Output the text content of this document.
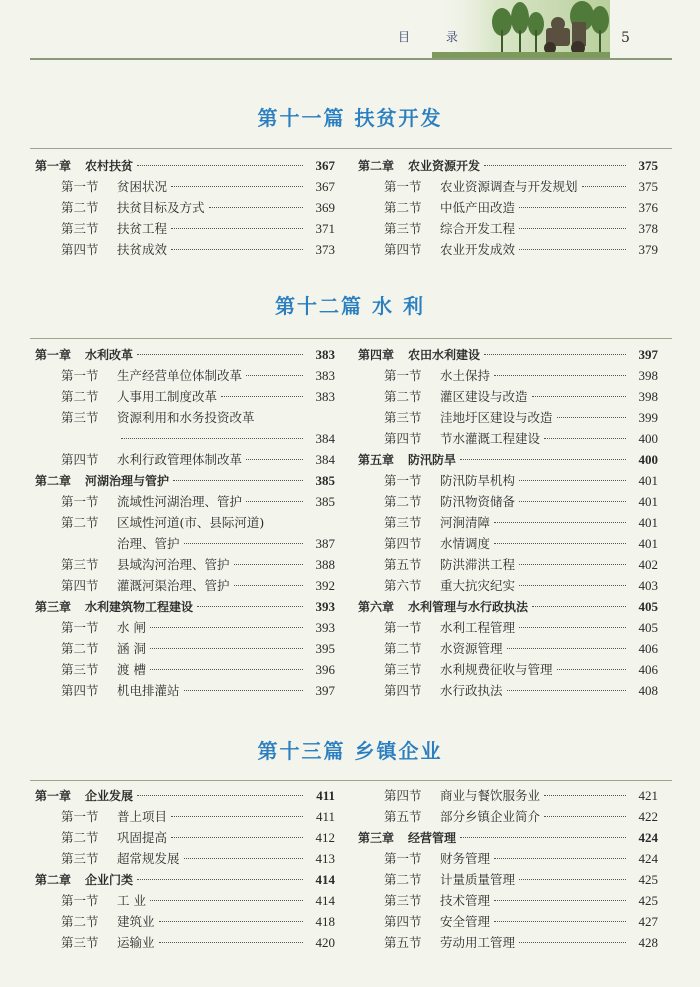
目 录	5
第十一篇 扶贫开发
第一章	农村扶贫	367
第一节	贫困状况	367
第二节	扶贫目标及方式	369
第三节	扶贫工程	371
第四节	扶贫成效	373
第二章	农业资源开发	375
第一节	农业资源调查与开发规划	375
第二节	中低产田改造	376
第三节	综合开发工程	378
第四节	农业开发成效	379
第十二篇 水 利
第一章	水利改革	383
第一节	生产经营单位体制改革	383
第二节	人事用工制度改革	383
第三节	资源利用和水务投资改革
384
第四节	水利行政管理体制改革	384
第二章	河湖治理与管护	385
第一节	流域性河湖治理、管护	385
第二节	区域性河道(市、县际河道)
治理、管护	387
第三节	县域沟河治理、管护	388
第四节	灌溉河渠治理、管护	392
第三章	水利建筑物工程建设	393
第一节	水 闸	393
第二节	涵 洞	395
第三节	渡 槽	396
第四节	机电排灌站	397
第四章	农田水利建设	397
第一节	水土保持	398
第二节	灌区建设与改造	398
第三节	洼地圩区建设与改造	399
第四节	节水灌溉工程建设	400
第五章	防汛防旱	400
第一节	防汛防旱机构	401
第二节	防汛物资储备	401
第三节	河涧清障	401
第四节	水情调度	401
第五节	防洪滞洪工程	402
第六节	重大抗灾纪实	403
第六章	水利管理与水行政执法	405
第一节	水利工程管理	405
第二节	水资源管理	406
第三节	水利规费征收与管理	406
第四节	水行政执法	408
第十三篇 乡镇企业
第一章	企业发展	411
第一节	普上项目	411
第二节	巩固提高	412
第三节	超常规发展	413
第二章	企业门类	414
第一节	工 业	414
第二节	建筑业	418
第三节	运输业	420
第四节	商业与餐饮服务业	421
第五节	部分乡镇企业简介	422
第三章	经营管理	424
第一节	财务管理	424
第二节	计量质量管理	425
第三节	技术管理	425
第四节	安全管理	427
第五节	劳动用工管理	428
